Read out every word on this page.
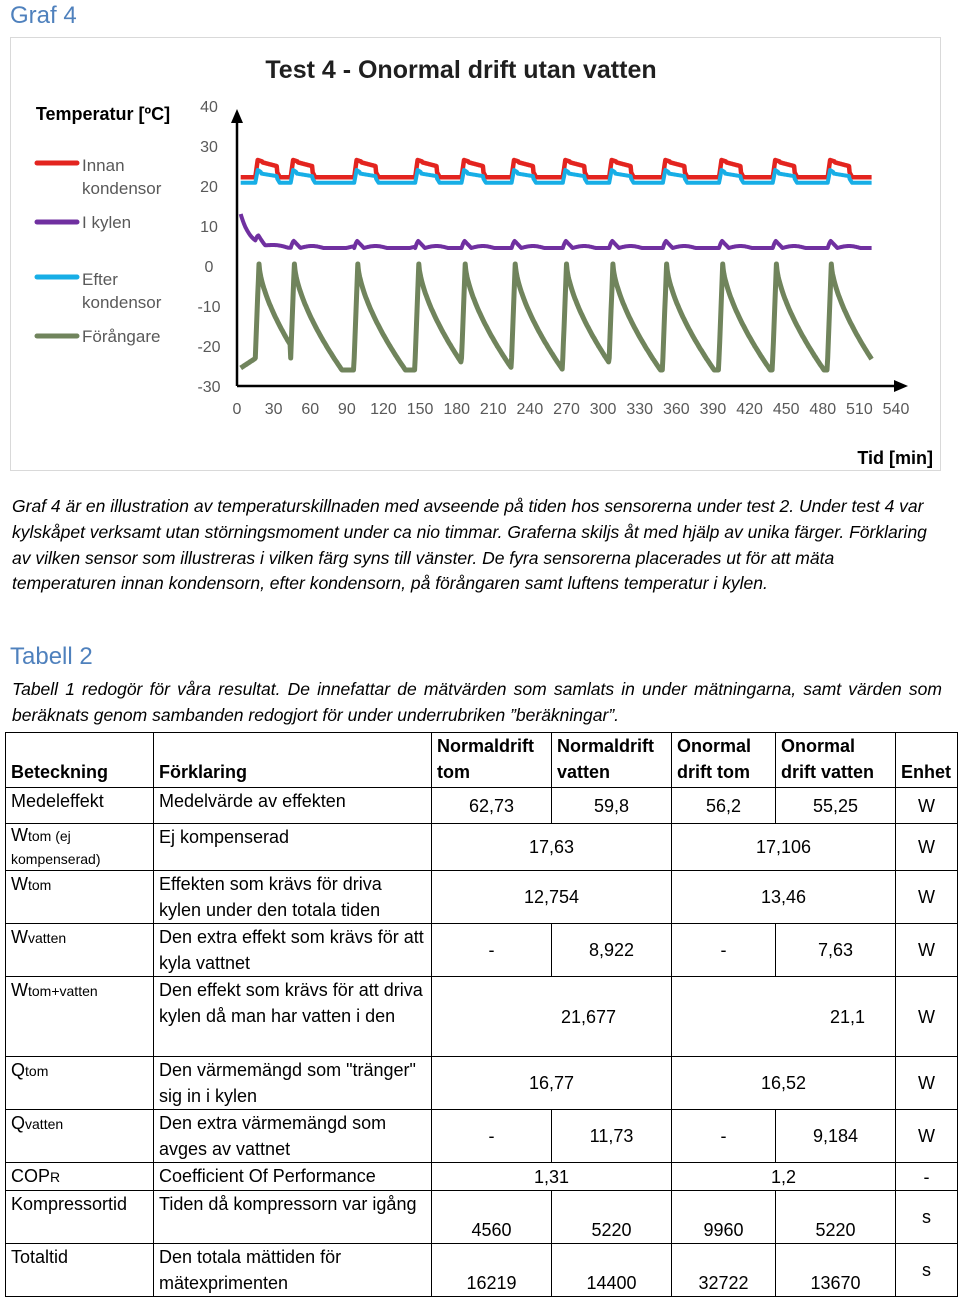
Graf 4
Test 4 - Onormal drift utan vatten
Temperatur [ºC] 40
30
20
10
0
-10
-20
-30
0 30 60 90 120 150 180 210 240 270 300 330 360 390 420 450 480 510 540
Innan
kondensor
I kylen
Efter
kondensor
Förångare
Tid [min]

Graf 4 är en illustration av temperaturskillnaden med avseende på tiden hos sensorerna under test 2. Under test 4 var kylskåpet verksamt utan störningsmoment under ca nio timmar. Graferna skiljs åt med hjälp av unika färger. Förklaring av vilken sensor som illustreras i vilken färg syns till vänster. De fyra sensorerna placerades ut för att mäta temperaturen innan kondensorn, efter kondensorn, på förångaren samt luftens temperatur i kylen.

Tabell 2

Tabell 1 redogör för våra resultat. De innefattar de mätvärden som samlats in under mätningarna, samt värden som beräknats genom sambanden redogjort för under underrubriken ”beräkningar”.

Beteckning	Förklaring	Normaldrift tom	Normaldrift vatten	Onormal drift tom	Onormal drift vatten	Enhet
Medeleffekt	Medelvärde av effekten	62,73	59,8	56,2	55,25	W
Wtom (ej kompenserad)	Ej kompenserad	17,63		17,106		W
Wtom	Effekten som krävs för driva kylen under den totala tiden	12,754		13,46		W
Wvatten	Den extra effekt som krävs för att kyla vattnet	-	8,922	-	7,63	W
Wtom+vatten	Den effekt som krävs för att driva kylen då man har vatten i den	21,677		21,1		W
Qtom	Den värmemängd som "tränger" sig in i kylen	16,77		16,52		W
Qvatten	Den extra värmemängd som avges av vattnet	-	11,73	-	9,184	W
COPR	Coefficient Of Performance	1,31		1,2		-
Kompressortid	Tiden då kompressorn var igång	4560	5220	9960	5220	s
Totaltid	Den totala mättiden för mätexprimenten	16219	14400	32722	13670	s
